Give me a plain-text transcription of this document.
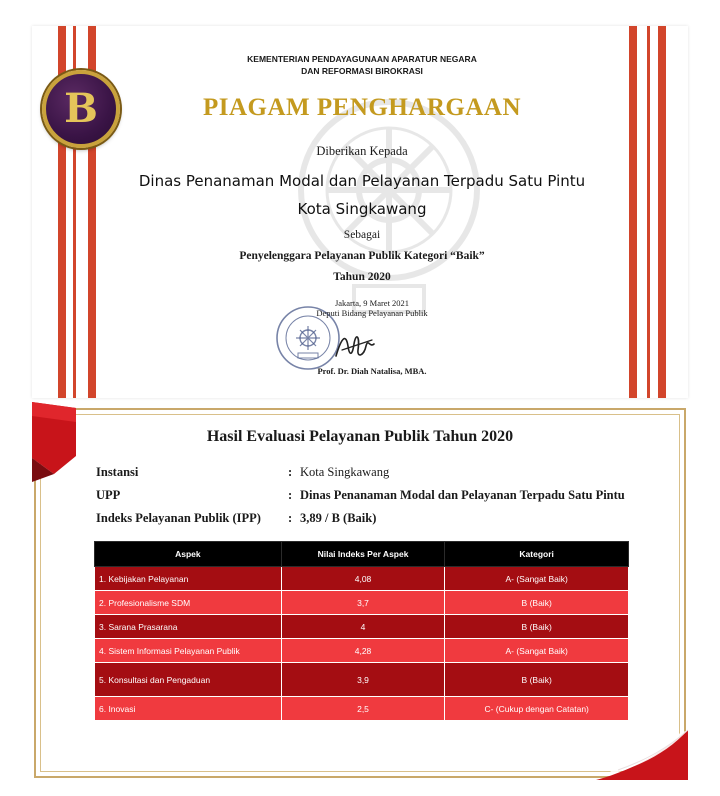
B
KEMENTERIAN PENDAYAGUNAAN APARATUR NEGARA
DAN REFORMASI BIROKRASI
PIAGAM PENGHARGAAN
Diberikan Kepada
Dinas Penanaman Modal dan Pelayanan Terpadu Satu Pintu
Kota Singkawang
Sebagai
Penyelenggara Pelayanan Publik Kategori “Baik”
Tahun 2020
Jakarta, 9 Maret 2021
Deputi Bidang Pelayanan Publik
Prof. Dr. Diah Natalisa, MBA.
Hasil Evaluasi Pelayanan Publik Tahun 2020
Instansi	: Kota Singkawang
UPP	: Dinas Penanaman Modal dan Pelayanan Terpadu Satu Pintu
Indeks Pelayanan Publik (IPP) : 3,89 / B (Baik)
Aspek	Nilai Indeks Per Aspek	Kategori
1. Kebijakan Pelayanan	4,08	A- (Sangat Baik)
2. Profesionalisme SDM	3,7	B (Baik)
3. Sarana Prasarana	4	B (Baik)
4. Sistem Informasi Pelayanan Publik	4,28	A- (Sangat Baik)
5. Konsultasi dan Pengaduan	3,9	B (Baik)
6. Inovasi	2,5	C- (Cukup dengan Catatan)
